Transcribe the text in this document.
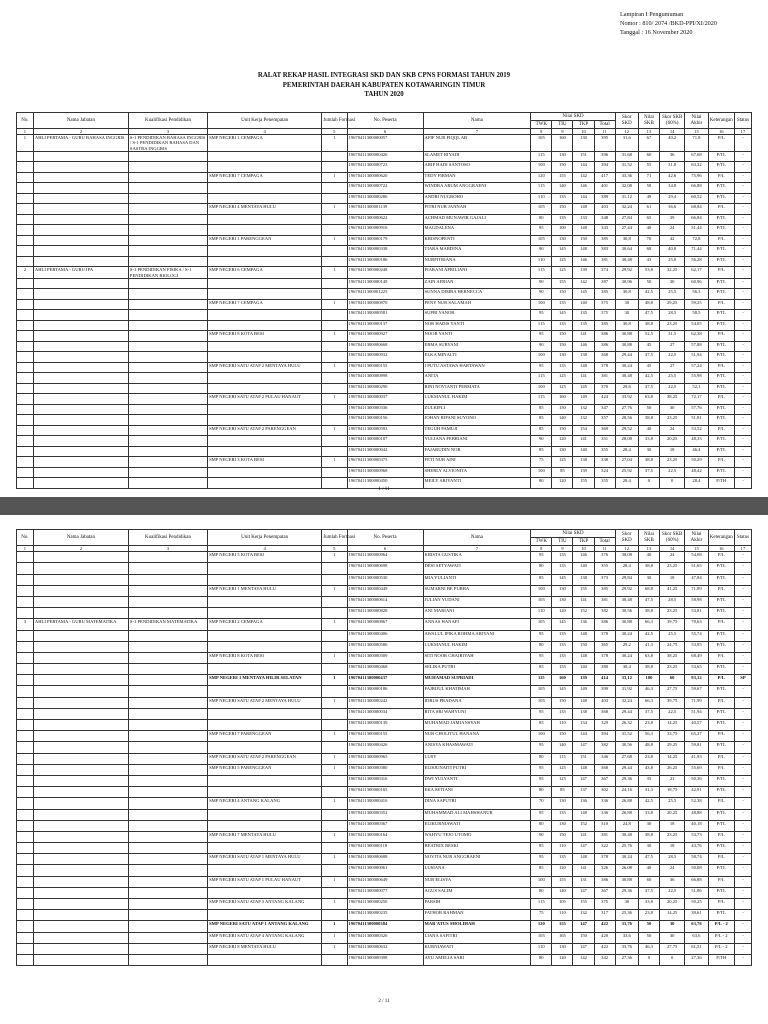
Lampiran I Pengumuman
Nomor : 810/ 2074 /BKD-PPI/XI/2020
Tanggal : 16 November 2020
RALAT REKAP HASIL INTEGRASI SKD DAN SKB CPNS FORMASI TAHUN 2019
PEMERINTAH DAERAH KABUPATEN KOTAWARINGIN TIMUR
TAHUN 2020
No.	Nama Jabatan	Kualifikasi Pendidikan	Unit Kerja Penempatan	Jumlah Formasi	No. Peserta	Nama	Nilai SKD				Skor SKD	Nilai SKB	Skor SKB (60%)	Nilai Akhir	Keterangan	Status
							TWK	TIU	TKP	Total						
1	2	3	4	5	6	7	8	9	10	11	12	13	14	15	16	17
1	AHLI PERTAMA - GURU BAHASA INGGRIS	S-1 PENDIDIKAN BAHASA INGGRIS / S-1 PENDIDIKAN BAHASA DAN SASTRA INGGRIS	SMP NEGERI 1 CEMPAGA	1	19670411300000057	AFIF NUR FIQQL AB	105	160	130	395	31,6	67	40,2	71,8	P/L	-
					19670411300000426	SLAMET RIYADI	115	130	151	396	31,68	60	36	67,68	P/TL	-
					19670411300000723	ARIF HADI SANTOSO	100	150	144	394	31,52	55	31,8	63,32	P/TL	-
			SMP NEGERI 7 CEMPAGA	1	19670411300000620	TEDY FIRMAN	120	155	142	417	33,36	71	42,6	75,96	P/L	-
					19670411300000722	WINDRA ARUM ANGGRAENI	115	140	146	401	32,08	58	34,8	66,88	P/TL	-
					19670411300000286	ANDRI NUGROHO	110	135	144	389	31,12	49	29,4	60,52	P/TL	-
			SMP NEGERI 4 MENTAYA HULU	1	19670411300001139	FITRI NUR JANNAH	105	150	148	403	32,24	61	36,6	68,84	P/L	-
					19670411300000622	ACHMAD MUNAWIR GAJALI	80	135	133	348	27,84	65	39	66,84	P/TL	-
					19670411300000916	MAGDALENA	95	100	148	343	27,44	40	24	51,44	P/TL	-
			SMP NEGERI 1 PARENGGEAN	1	19670411300000179	KRISNOPENTI	105	130	150	385	30,8	70	42	72,8	P/L	-
					19670411300000338	TIARA MARDINA	90	145	148	383	30,64	68	40,8	71,44	P/TL	-
					19670411300000186	NURFITRIANA	110	125	146	381	30,48	43	25,8	56,28	P/TL	-
2	AHLI PERTAMA - GURU IPA	S-1 PENDIDIKAN FISIKA / S-1 PENDIDIKAN BIOLOGI	SMP NEGERI 6 CEMPAGA	1	19670411300000248	PIARANI APRILIANI	115	125	139	374	29,92	53,8	32,25	62,17	P/L	-
					19670411300000149	ZAIN AFRIAN	90	155	142	387	30,96	50	30	60,96	P/TL	-
					19670411300001225	SUNNA DIMBA HERNECCA	90	150	145	385	30,8	42,5	25,5	56,3	P/TL	-
			SMP NEGERI 7 CEMPAGA	1	19670411300000870	PENY NUR SALAMAH	100	135	140	375	30	48,8	29,25	59,25	P/L	-
					19670411300000581	SUPRI YANOR	95	145	135	375	30	47,5	28,5	58,5	P/TL	-
					19670411300000137	NOR HADIS YANTI	115	135	135	385	30,8	38,8	23,25	54,05	P/TL	-
			SMP NEGERI 8 KOTA BESI	1	19670411300000927	NOOR YANTI	95	150	141	386	30,88	52,5	31,5	62,38	P/L	-
					19670411300000668	ERMA SURYANI	90	150	146	386	30,88	45	27	57,88	P/TL	-
					19670411300000932	ELKA MINALTI	100	130	138	368	29,44	37,5	22,5	51,94	P/TL	-
			SMP NEGERI SATU ATAP 2 MENTAYA HULU	1	19670411300000155	I PUTU ASTAWA HARTAWAN	95	135	148	378	30,24	45	27	57,24	P/L	-
					19670411300000898	ANITA	115	125	141	381	30,48	42,5	25,5	55,98	P/TL	-
					19670411300000290	RINI NOVIANTI PERMATA	100	125	145	370	29,6	37,5	22,5	52,1	P/TL	-
			SMP NEGERI SATU ATAP 2 PULAU HANAUT	1	19670411300000037	LUKMANUL HAKIM	115	160	149	424	33,92	63,8	38,25	72,17	P/L	-
					19670411300000336	ZULKIFLI	85	150	132	347	27,76	50	30	57,76	P/TL	-
					19670411300000156	JOHAN RIFANI SUYONO	85	140	132	357	28,56	38,8	23,25	51,81	P/TL	-
			SMP NEGERI SATU ATAP 2 PARENGGEAN	1	19670411300000593	TEGUH PAMUJI	85	150	154	369	29,52	40	24	53,52	P/L	-
					19670411300000187	YULIANA FEBRIANI	90	120	141	351	28,08	33,8	20,25	48,33	P/TL	-
					19670411300000042	FAJARUDIN NOR	85	130	140	355	28,4	30	18	46,4	P/TL	-
			SMP NEGERI 3 KOTA BESI	1	19670411300000375	FETI NUR AINI	75	125	138	338	27,04	38,8	23,25	50,29	P/L	-
					19670411300000968	SHERLY ALVIONITA	100	85	139	324	25,92	37,5	22,5	48,42	P/TL	-
					19670411300000450	MEILY ARIYANTI	80	120	155	355	28,4	0	0	28,4	P/TH	-
1 / 11
No.	Nama Jabatan	Kualifikasi Pendidikan	Unit Kerja Penempatan	Jumlah Formasi	No. Peserta	Nama	Nilai SKD				Skor SKD	Nilai SKB	Skor SKB (60%)	Nilai Akhir	Keterangan	Status
							TWK	TIU	TKP	Total						
1	2	3	4	5	6	7	8	9	10	11	12	13	14	15	16	17
			SMP NEGERI 5 KOTA BESI	1	19670411300000964	KRISTA GUSTIKA	95	135	146	376	30,08	40	24	54,08	P/L	-
					19670411300000698	DESI SETYAWATI	80	135	140	355	28,4	38,8	23,25	51,65	P/TL	-
					19670411300000530	MIA YULIANTI	85	145	138	373	29,84	30	18	47,84	P/TL	-
			SMP NEGERI 1 MENTAYA HULU	1	19670411300000449	SUMARNI BE PURBA	100	130	155	385	29,92	68,8	41,25	71,89	P/L	-
					19670411300000614	JULIAN YUDANI	105	130	141	381	30,48	47,5	28,5	58,98	P/TL	-
					19670411300000828	ANI MARIANI	110	120	152	382	30,56	38,8	23,25	53,81	P/TL	-
3	AHLI PERTAMA - GURU MATEMATIKA	S-1 PENDIDIKAN MATEMATIKA	SMP NEGERI 2 CEMPAGA	1	19670411300000867	ANNAS HANAFI	105	145	136	386	30,88	66,3	39,75	70,63	P/L	-
					19670411300000406	AWALUL IPIKA ROHMA ARIYANI	95	135	148	378	30,24	42,5	25,5	55,74	P/TL	-
					19670411300000586	LUKMANUL HAKIM	80	135	150	365	29,2	41,3	24,75	53,95	P/TL	-
			SMP NEGERI 8 KOTA BESI	1	19670411300000309	SITI NOOR CHAIRIYAH	95	135	148	378	30,24	63,8	38,25	68,49	P/L	-
					19670411300000468	SELIKA PUTRI	85	155	140	380	30,4	38,8	23,25	53,65	P/TL	-
			SMP NEGERI 1 MENTAYA HILIR SELATAN	1	19670411300000437	MUHAMAD SUPRIADI	115	160	139	414	33,12	100	60	93,12	P/L	SP
					19670411300000186	FAJRIJUL KHATIMAH	105	145	149	399	31,92	46,3	27,75	59,67	P/TL	-
			SMP NEGERI SATU ATAP 2 MENTAYA HULU	1	19670411300000242	IDRUS PRADANA	105	150	148	403	32,24	66,3	39,75	71,99	P/L	-
					19670411300000034	RITA SRI WAHYUNI	95	135	138	368	29,44	37,5	22,5	51,94	P/TL	-
					19670411300000139	MUHAMAD JAMIANSYAH	85	110	134	329	26,32	23,8	14,25	40,57	P/TL	-
			SMP NEGERI 7 PARENGGEAN	1	19670411300000155	NUR CHOLITUL HANANA	100	150	144	394	31,52	56,3	33,75	65,27	P/L	-
					19670411300000426	ANISYA KHASMAWATI	95	140	147	382	30,56	48,8	29,25	59,81	P/TL	-
			SMP NEGERI SATU ATAP 2 PARENGGEAN	1	19670411300000965	LUSY	80	115	151	346	27,68	23,8	14,25	41,93	P/L	-
			SMP NEGERI 5 PARENGGEAN	1	19670411300000380	ELISJUNAITI PUTRI	95	125	148	368	29,44	43,8	26,25	55,69	P/L	-
					19670411300000316	DWI YULYANTI	95	125	147	367	29,36	35	21	50,36	P/TL	-
					19670411300000165	EKA SETIANI	80	85	137	302	24,16	31,3	18,75	42,91	P/TL	-
			SMP NEGERI 4 ANTANG KALANG	1	19670411300000416	DINA SAPUTRI	70	130	136	336	26,88	42,5	25,5	52,38	P/L	-
					19670411300000352	MUHAMMAD ALI MAHSHANUR	95	135	148	336	26,88	33,8	20,25	48,88	P/TL	-
					19670411300000367	ELIKURNIAWATI	80	130	152	310	24,8	30	18	40,18	P/TL	-
			SMP NEGERI 7 MENTAYA HULU	1	19670411300000164	WAHYU TEJO UTOMO	90	150	141	381	30,48	38,8	23,25	53,73	P/L	-
					19670411300000118	BEATRIX RESKI	85	110	147	322	25,76	30	18	43,76	P/TL	-
			SMP NEGERI SATU ATAP 1 MENTAYA HULU	1	19670411300000688	NOVITA NUR ANGGRAENI	95	135	148	378	30,24	47,5	28,5	58,74	P/L	-
					19670411300000061	LUSIANA	85	120	141	326	26,08	40	24	50,08	P/TL	-
			SMP NEGERI SATU ATAP 1 PULAU HANAUT	1	19670411300000649	NUR ELISYA	100	155	131	386	30,88	60	36	66,88	P/L	-
					19670411300000077	AGUS SALIM	80	140	147	367	29,36	37,5	22,5	51,86	P/TL	-
			SMP NEGERI SATU ATAP 3 ANTANG KALANG	1	19670411300000250	PARSIH	115	105	155	375	30	33,8	20,25	50,25	P/L	-
					19670411300000235	FATHOR RAHMAN	75	110	132	317	25,36	23,8	14,25	39,61	P/TL	-
			SMP NEGERI SATU ATAP 1 ANTANG KALANG	1	19670411300000384	MAR'ATUS SHOLIHAH	120	155	147	422	33,76	50	30	63,76	P/L - 2	-
			SMP NEGERI SATU ATAP 4 ANTANG KALANG	1	19670411300000326	LIANA SAFITRI	105	165	150	420	33,6	50	30	63,6	P/L - 2	-
			SMP NEGERI 8 MENTAYA HULU	1	19670411300000632	KURNIAWATI	110	130	147	422	33,76	46,3	27,75	61,51	P/L - 2	-
					19670411300000398	AYU AMELIA SARI	80	120	142	342	27,36	0	0	27,36	P/TH	-
2 / 11
